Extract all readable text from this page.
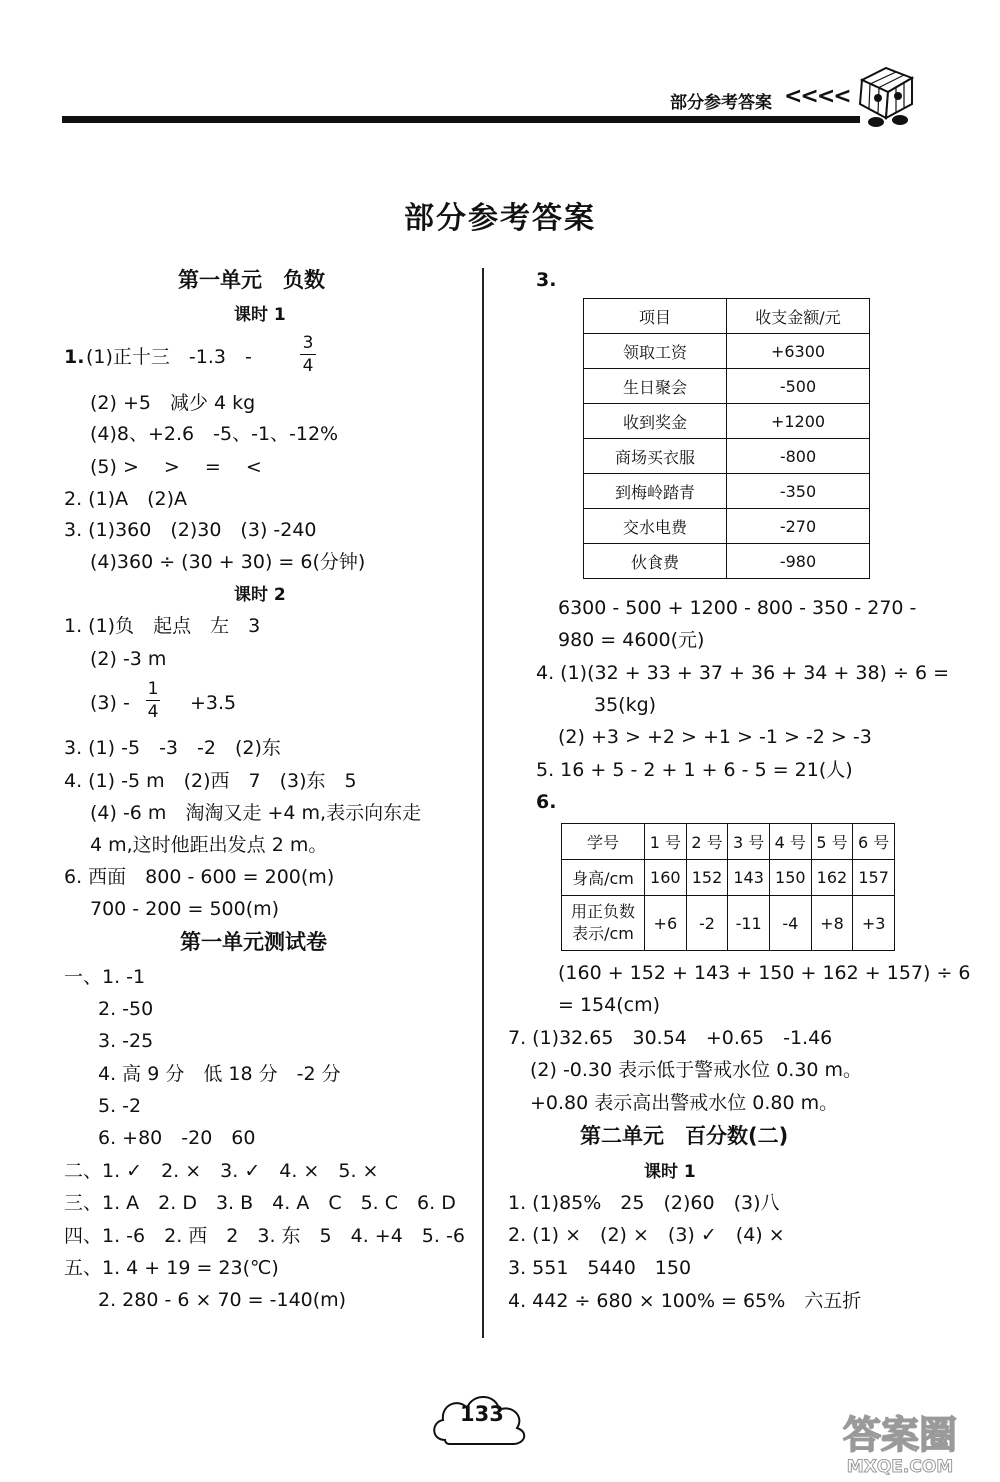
部分参考答案 <<<<
部分参考答案
第一单元　负数
课时 1
1. (1)正十三　-1.3　-
3
4
(2) +5　减少 4 kg
(4)8、+2.6　-5、-1、-12%
(5) >　 >　 =　 <
2. (1)A　(2)A
3. (1)360　(2)30　(3) -240
(4)360 ÷ (30 + 30) = 6(分钟)
课时 2
1. (1)负　起点　左　3
(2) -3 m
(3) -
1
4 +3.5
3. (1) -5　-3　-2　(2)东
4. (1) -5 m　(2)西　7　(3)东　5
(4) -6 m　淘淘又走 +4 m,表示向东走
4 m,这时他距出发点 2 m。
6. 西面　800 - 600 = 200(m)
700 - 200 = 500(m)
第一单元测试卷
一、1. -1
2. -50
3. -25
4. 高 9 分　低 18 分　-2 分
5. -2
6. +80　-20　60
二、1. ✓　2. ×　3. ✓　4. ×　5. ×
三、1. A　2. D　3. B　4. A　C　5. C　6. D
四、1. -6　2. 西　2　3. 东　5　4. +4　5. -6
五、1. 4 + 19 = 23(℃)
2. 280 - 6 × 70 = -140(m)
3.
项目	收支金额/元
领取工资	+6300
生日聚会	-500
收到奖金	+1200
商场买衣服	-800
到梅岭踏青	-350
交水电费	-270
伙食费	-980
6300 - 500 + 1200 - 800 - 350 - 270 -
980 = 4600(元)
4. (1)(32 + 33 + 37 + 36 + 34 + 38) ÷ 6 =
35(kg)
(2) +3 > +2 > +1 > -1 > -2 > -3
5. 16 + 5 - 2 + 1 + 6 - 5 = 21(人)
6.
学号	1 号	2 号	3 号	4 号	5 号	6 号
身高/cm	160	152	143	150	162	157

用正负数
表示/cm	+6	-2	-11	-4	+8	+3
(160 + 152 + 143 + 150 + 162 + 157) ÷ 6
= 154(cm)
7. (1)32.65　30.54　+0.65　-1.46
(2) -0.30 表示低于警戒水位 0.30 m。
+0.80 表示高出警戒水位 0.80 m。
第二单元　百分数(二)
课时 1
1. (1)85%　25　(2)60　(3)八
2. (1) ×　(2) ×　(3) ✓　(4) ×
3. 551　5440　150
4. 442 ÷ 680 × 100% = 65%　六五折
133	答案圈
MXQE.COM
